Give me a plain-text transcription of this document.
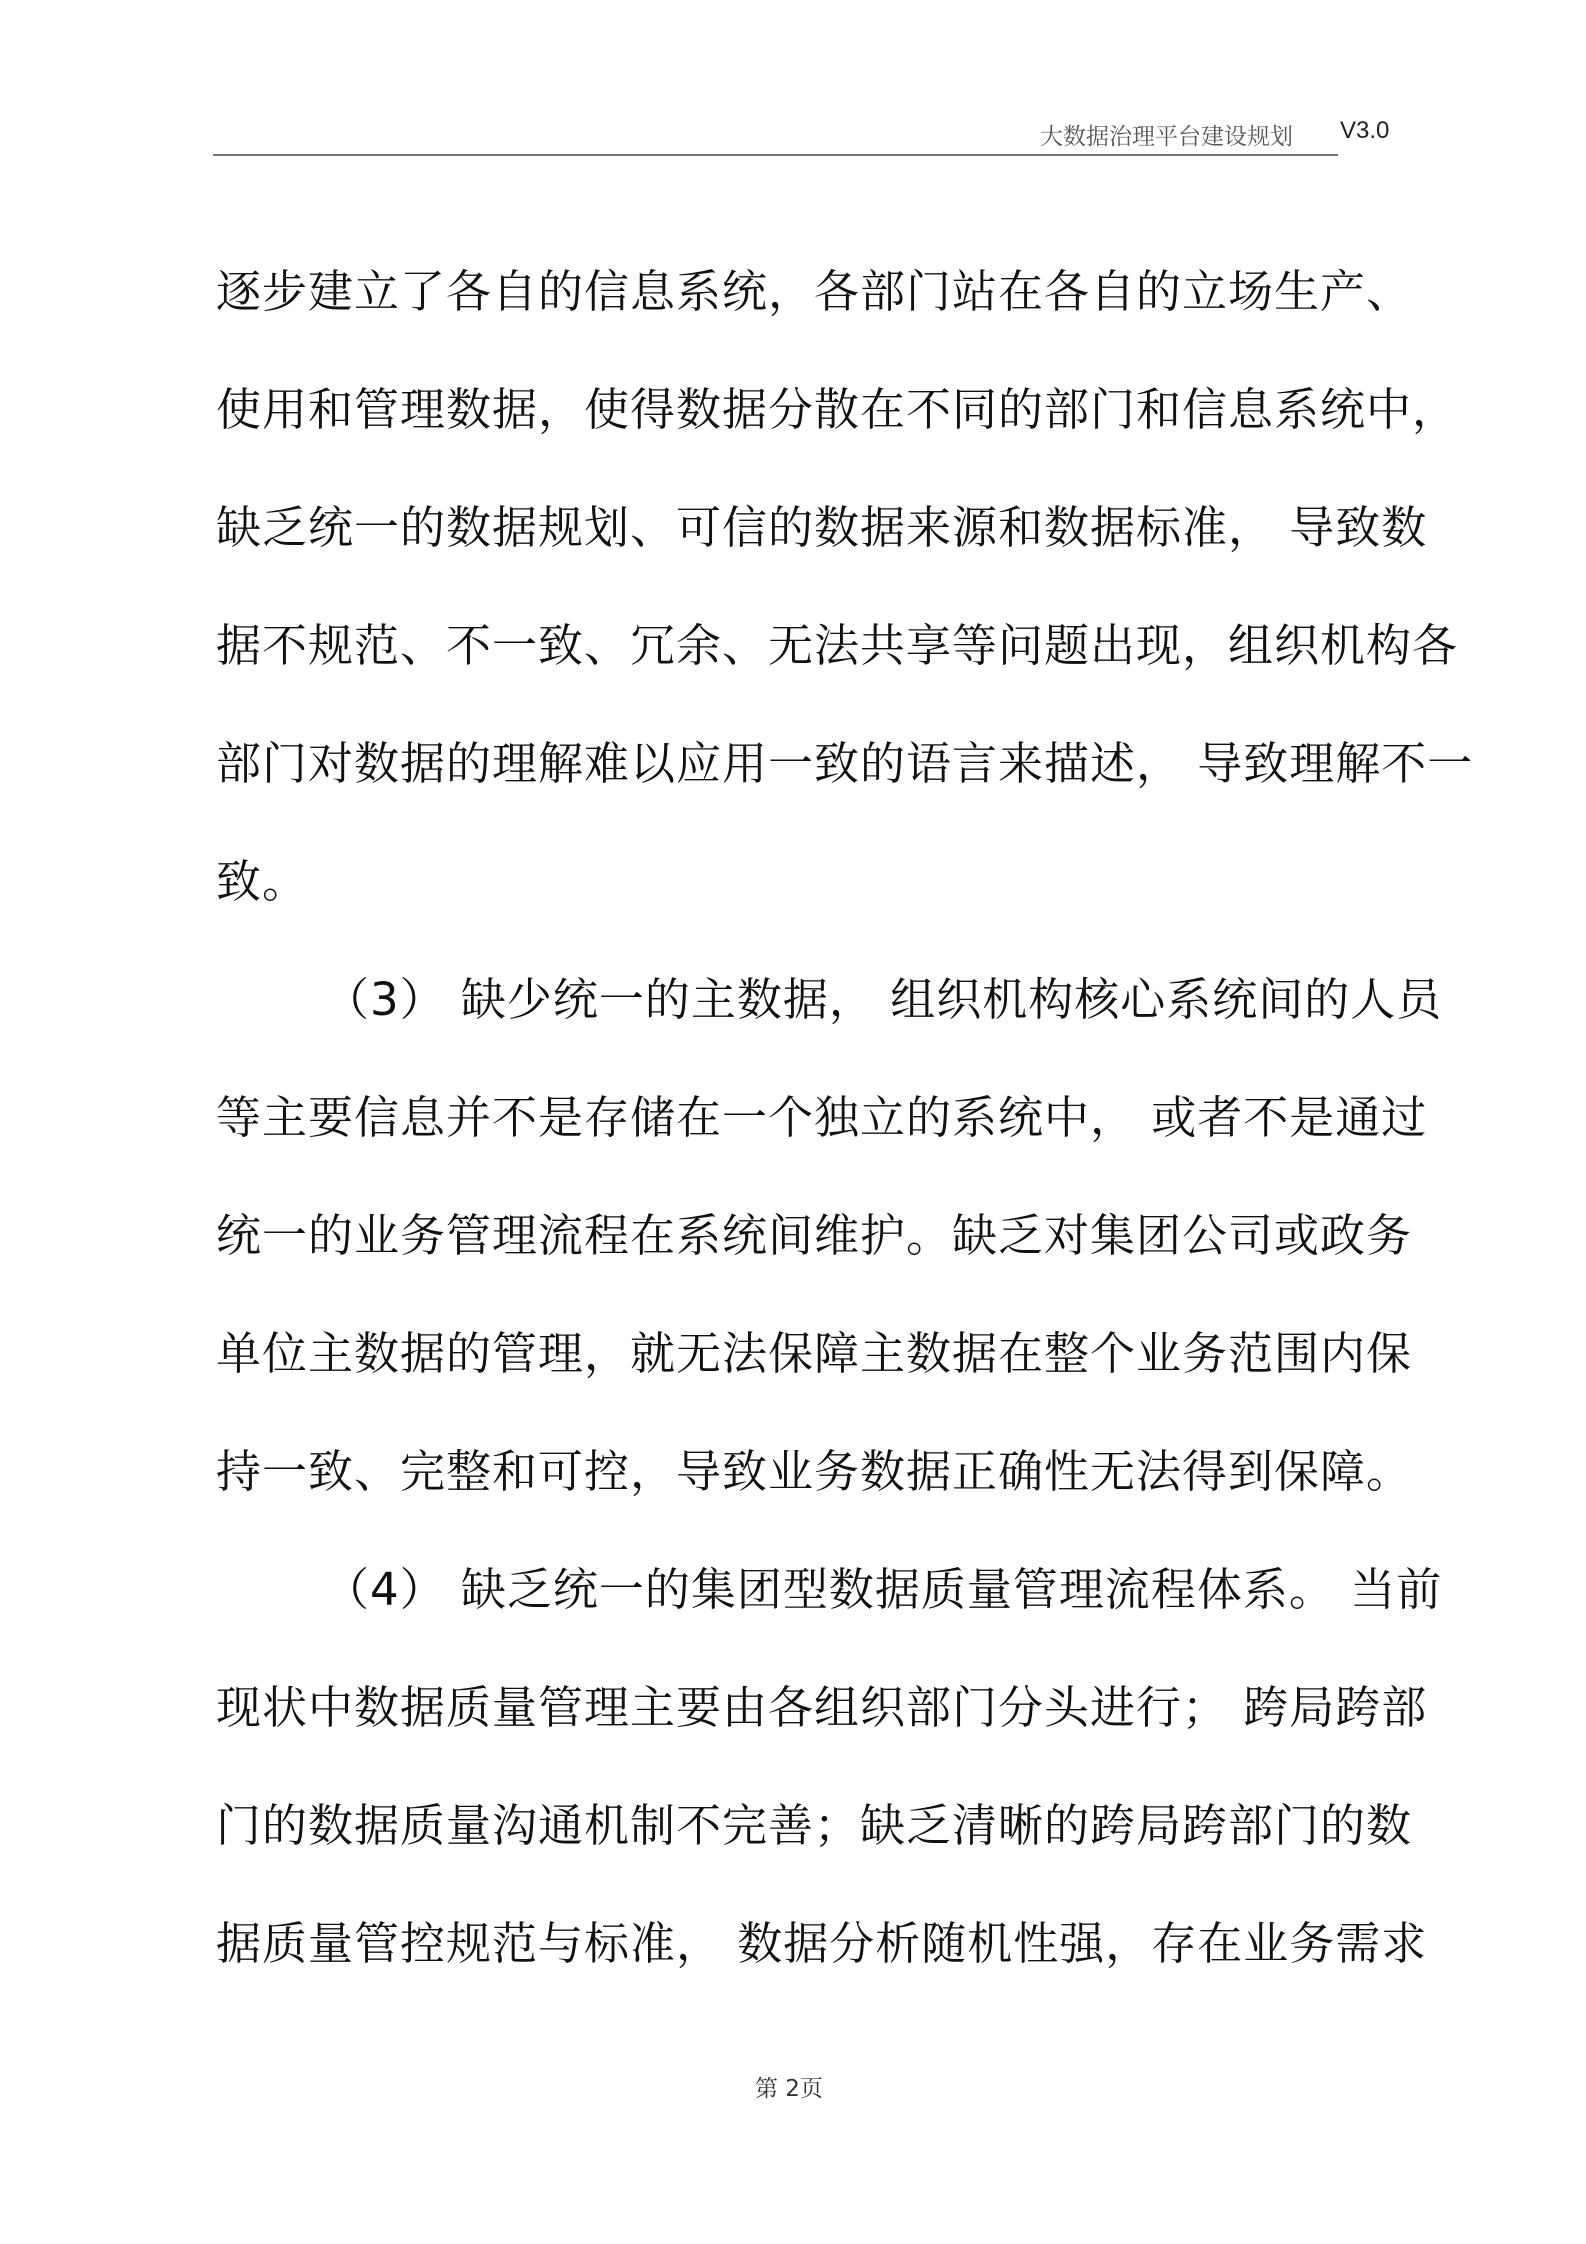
大数据治理平台建设规划 V3.0
逐步建立了各自的信息系统，各部门站在各自的立场生产、
使用和管理数据，使得数据分散在不同的部门和信息系统中，
缺乏统一的数据规划、可信的数据来源和数据标准， 导致数
据不规范、不一致、冗余、无法共享等问题出现，组织机构各
部门对数据的理解难以应用一致的语言来描述， 导致理解不一
致。
（3） 缺少统一的主数据， 组织机构核心系统间的人员
等主要信息并不是存储在一个独立的系统中， 或者不是通过
统一的业务管理流程在系统间维护。缺乏对集团公司或政务
单位主数据的管理，就无法保障主数据在整个业务范围内保
持一致、完整和可控，导致业务数据正确性无法得到保障。
（4） 缺乏统一的集团型数据质量管理流程体系。 当前
现状中数据质量管理主要由各组织部门分头进行； 跨局跨部
门的数据质量沟通机制不完善；缺乏清晰的跨局跨部门的数
据质量管控规范与标准， 数据分析随机性强，存在业务需求
第 2页
